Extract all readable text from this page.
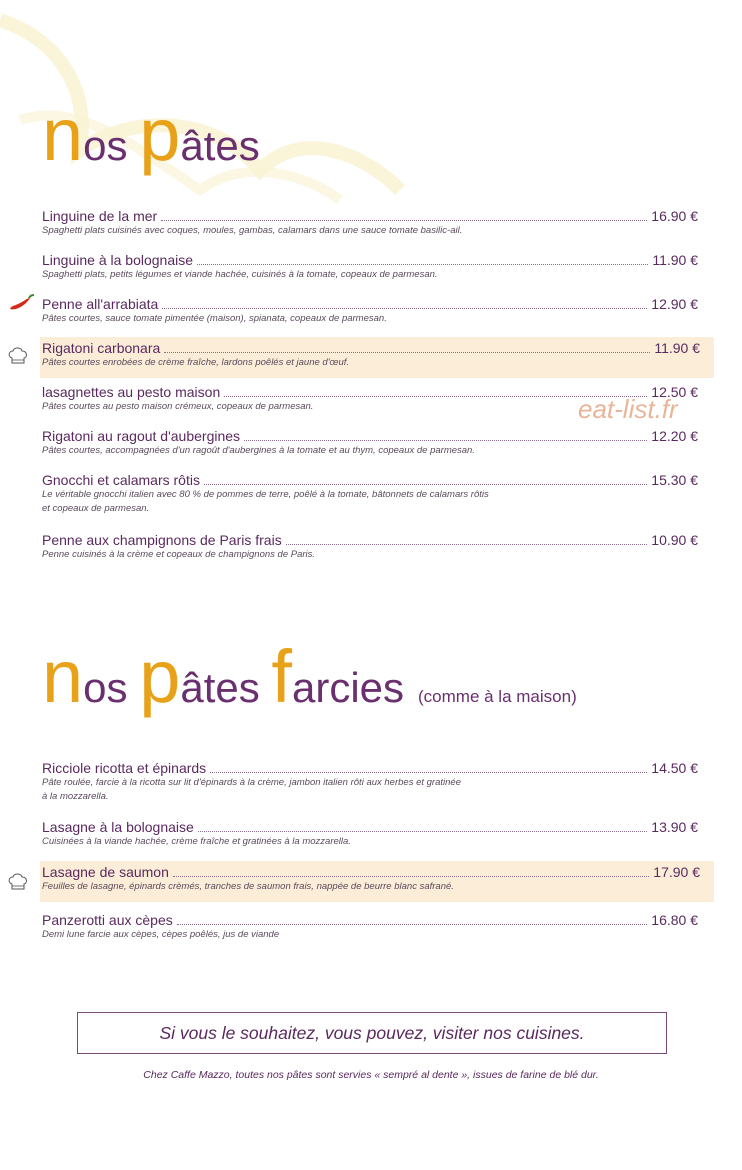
nos pâtes
Linguine de la mer	16.90 €
Spaghetti plats cuisinés avec coques, moules, gambas, calamars dans une sauce tomate basilic-ail.
Linguine à la bolognaise	11.90 €
Spaghetti plats, petits légumes et viande hachée, cuisinés à la tomate, copeaux de parmesan.
Penne all'arrabiata	12.90 €
Pâtes courtes, sauce tomate pimentée (maison), spianata, copeaux de parmesan.
Rigatoni carbonara	11.90 €
Pâtes courtes enrobées de crème fraîche, lardons poêlés et jaune d'œuf.
lasagnettes au pesto maison	12.50 €
Pâtes courtes au pesto maison crémeux, copeaux de parmesan.
Rigatoni au ragout d'aubergines	12.20 €
Pâtes courtes, accompagnées d'un ragoût d'aubergines à la tomate et au thym, copeaux de parmesan.
Gnocchi et calamars rôtis	15.30 €
Le véritable gnocchi italien avec 80 % de pommes de terre, poêlé à la tomate, bâtonnets de calamars rôtis
et copeaux de parmesan.
Penne aux champignons de Paris frais	10.90 €
Penne cuisinés à la crème et copeaux de champignons de Paris.
eat-list.fr
nos pâtes farcies (comme à la maison)
Ricciole ricotta et épinards	14.50 €
Pâte roulée, farcie à la ricotta sur lit d'épinards à la crème, jambon italien rôti aux herbes et gratinée
à la mozzarella.
Lasagne à la bolognaise	13.90 €
Cuisinées à la viande hachée, crème fraîche et gratinées à la mozzarella.
Lasagne de saumon	17.90 €
Feuilles de lasagne, épinards crèmés, tranches de saumon frais, nappée de beurre blanc safrané.
Panzerotti aux cèpes	16.80 €
Demi lune farcie aux cèpes, cèpes poêlés, jus de viande
Si vous le souhaitez, vous pouvez, visiter nos cuisines.
Chez Caffe Mazzo, toutes nos pâtes sont servies « sempré al dente », issues de farine de blé dur.
